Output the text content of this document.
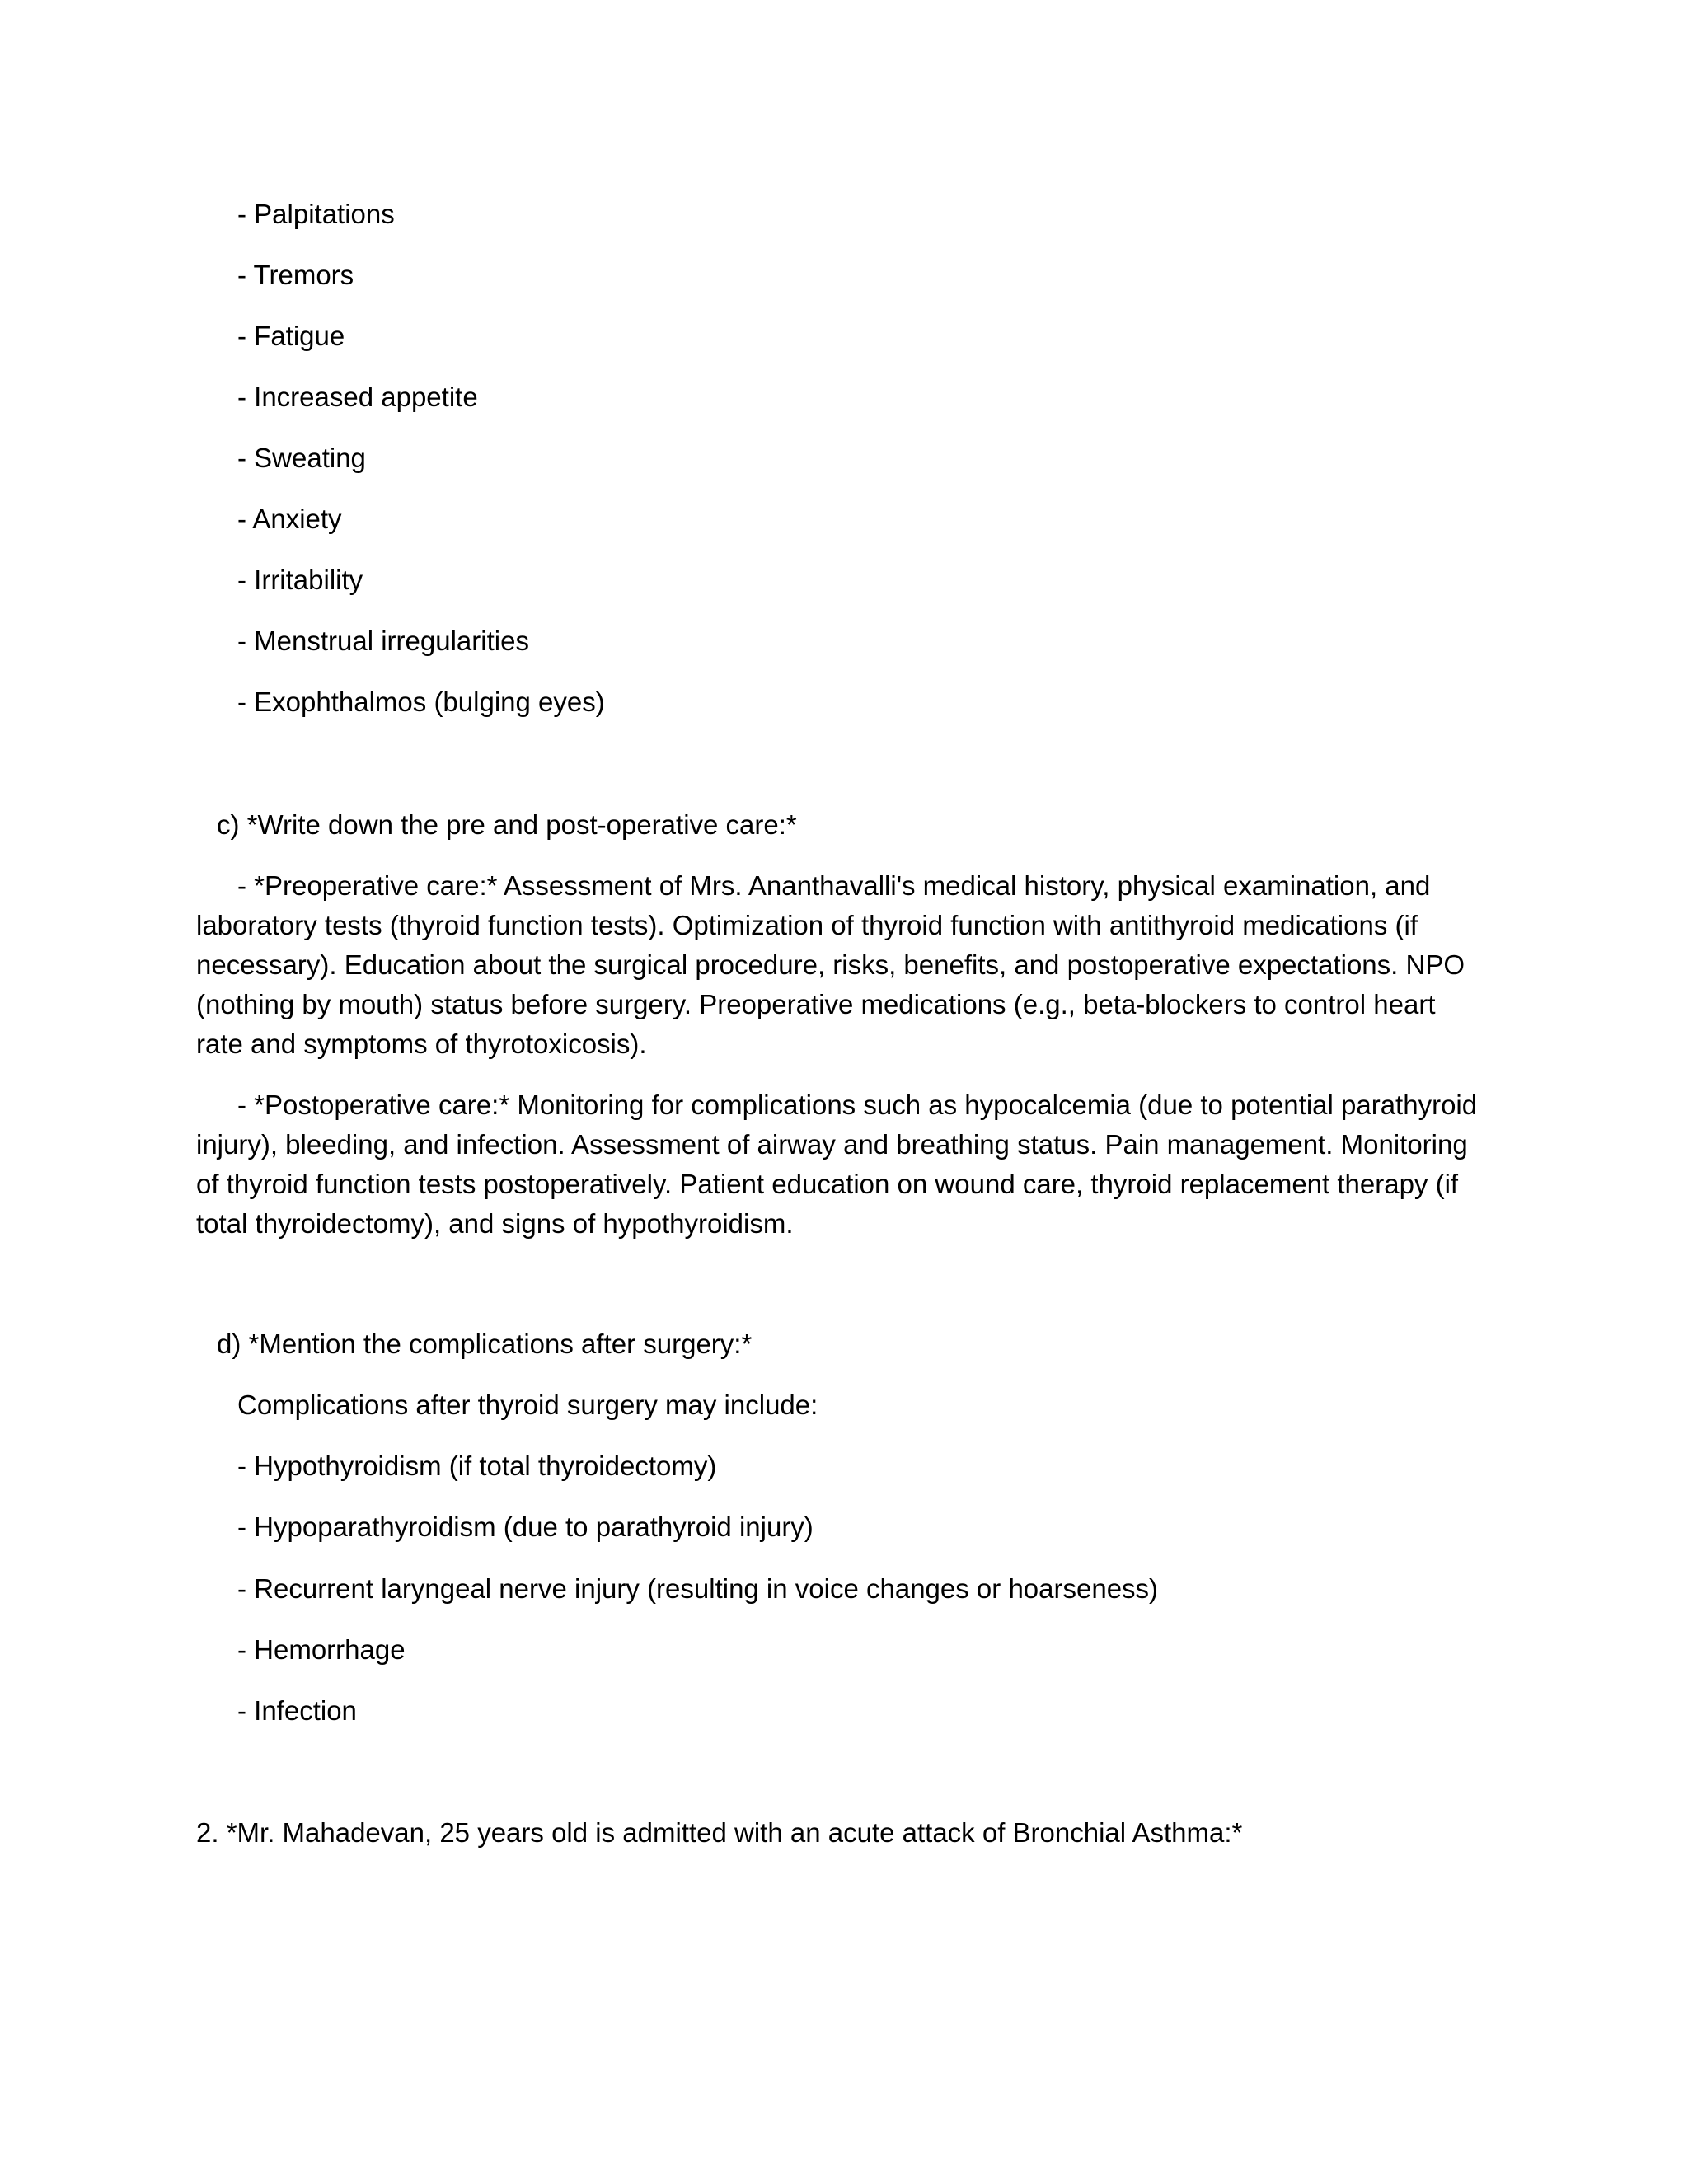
- Palpitations
- Tremors
- Fatigue
- Increased appetite
- Sweating
- Anxiety
- Irritability
- Menstrual irregularities
- Exophthalmos (bulging eyes)
c) *Write down the pre and post-operative care:*
- *Preoperative care:* Assessment of Mrs. Ananthavalli's medical history, physical examination, and laboratory tests (thyroid function tests). Optimization of thyroid function with antithyroid medications (if necessary). Education about the surgical procedure, risks, benefits, and postoperative expectations. NPO (nothing by mouth) status before surgery. Preoperative medications (e.g., beta-blockers to control heart rate and symptoms of thyrotoxicosis).
- *Postoperative care:* Monitoring for complications such as hypocalcemia (due to potential parathyroid injury), bleeding, and infection. Assessment of airway and breathing status. Pain management. Monitoring of thyroid function tests postoperatively. Patient education on wound care, thyroid replacement therapy (if total thyroidectomy), and signs of hypothyroidism.
d) *Mention the complications after surgery:*
Complications after thyroid surgery may include:
- Hypothyroidism (if total thyroidectomy)
- Hypoparathyroidism (due to parathyroid injury)
- Recurrent laryngeal nerve injury (resulting in voice changes or hoarseness)
- Hemorrhage
- Infection
2. *Mr. Mahadevan, 25 years old is admitted with an acute attack of Bronchial Asthma:*
